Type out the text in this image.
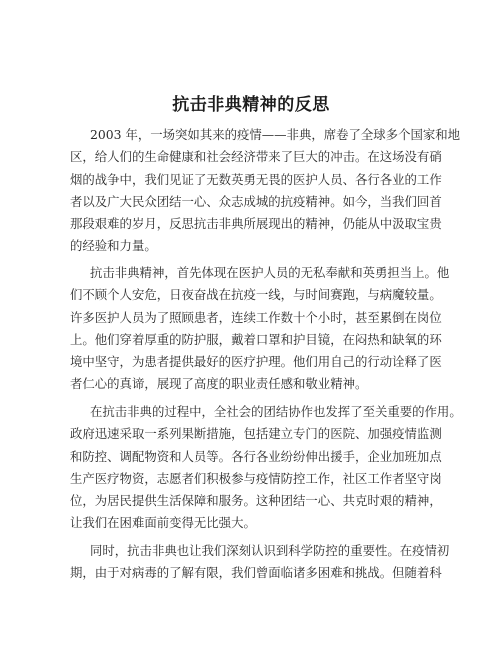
抗击非典精神的反思
2003 年，一场突如其来的疫情——非典，席卷了全球多个国家和地
区，给人们的生命健康和社会经济带来了巨大的冲击。在这场没有硝
烟的战争中，我们见证了无数英勇无畏的医护人员、各行各业的工作
者以及广大民众团结一心、众志成城的抗疫精神。如今，当我们回首
那段艰难的岁月，反思抗击非典所展现出的精神，仍能从中汲取宝贵
的经验和力量。
抗击非典精神，首先体现在医护人员的无私奉献和英勇担当上。他
们不顾个人安危，日夜奋战在抗疫一线，与时间赛跑，与病魔较量。
许多医护人员为了照顾患者，连续工作数十个小时，甚至累倒在岗位
上。他们穿着厚重的防护服，戴着口罩和护目镜，在闷热和缺氧的环
境中坚守，为患者提供最好的医疗护理。他们用自己的行动诠释了医
者仁心的真谛，展现了高度的职业责任感和敬业精神。
在抗击非典的过程中，全社会的团结协作也发挥了至关重要的作用。
政府迅速采取一系列果断措施，包括建立专门的医院、加强疫情监测
和防控、调配物资和人员等。各行各业纷纷伸出援手，企业加班加点
生产医疗物资，志愿者们积极参与疫情防控工作，社区工作者坚守岗
位，为居民提供生活保障和服务。这种团结一心、共克时艰的精神，
让我们在困难面前变得无比强大。
同时，抗击非典也让我们深刻认识到科学防控的重要性。在疫情初
期，由于对病毒的了解有限，我们曾面临诸多困难和挑战。但随着科
